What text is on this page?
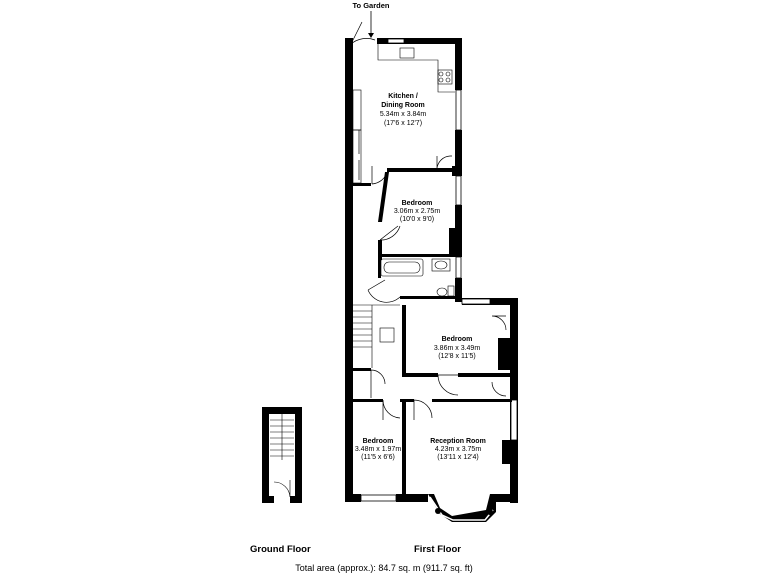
To Garden
Kitchen /
Dining Room
5.34m x 3.84m
(17'6 x 12'7)
Bedroom
3.06m x 2.75m
(10'0 x 9'0)
Bedroom
3.86m x 3.49m
(12'8 x 11'5)
Bedroom
3.48m x 1.97m
(11'5 x 6'6)
Reception Room
4.23m x 3.75m
(13'11 x 12'4)
Ground Floor	First Floor
Total area (approx.): 84.7 sq. m (911.7 sq. ft)
